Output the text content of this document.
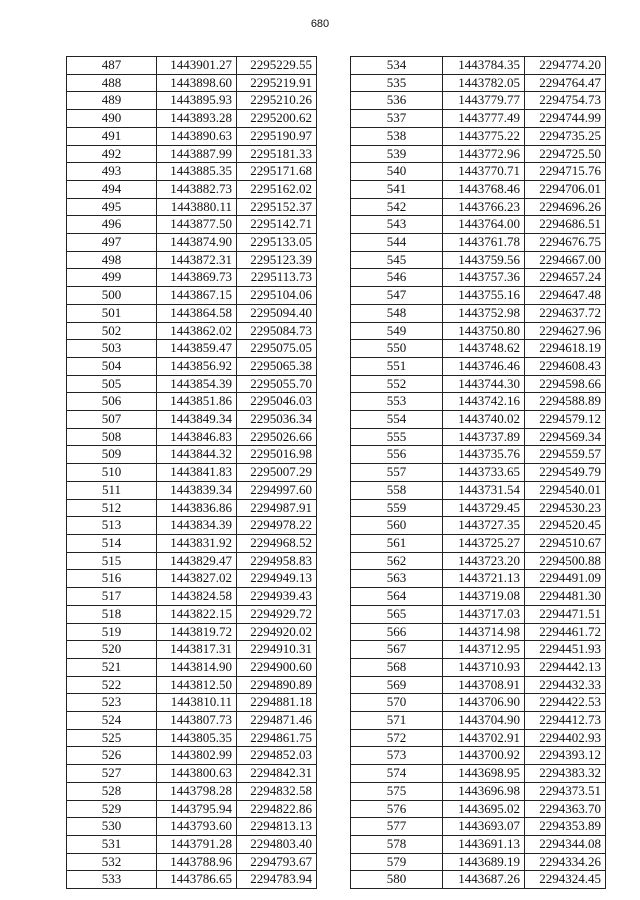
680
487	1443901.27	2295229.55
488	1443898.60	2295219.91
489	1443895.93	2295210.26
490	1443893.28	2295200.62
491	1443890.63	2295190.97
492	1443887.99	2295181.33
493	1443885.35	2295171.68
494	1443882.73	2295162.02
495	1443880.11	2295152.37
496	1443877.50	2295142.71
497	1443874.90	2295133.05
498	1443872.31	2295123.39
499	1443869.73	2295113.73
500	1443867.15	2295104.06
501	1443864.58	2295094.40
502	1443862.02	2295084.73
503	1443859.47	2295075.05
504	1443856.92	2295065.38
505	1443854.39	2295055.70
506	1443851.86	2295046.03
507	1443849.34	2295036.34
508	1443846.83	2295026.66
509	1443844.32	2295016.98
510	1443841.83	2295007.29
511	1443839.34	2294997.60
512	1443836.86	2294987.91
513	1443834.39	2294978.22
514	1443831.92	2294968.52
515	1443829.47	2294958.83
516	1443827.02	2294949.13
517	1443824.58	2294939.43
518	1443822.15	2294929.72
519	1443819.72	2294920.02
520	1443817.31	2294910.31
521	1443814.90	2294900.60
522	1443812.50	2294890.89
523	1443810.11	2294881.18
524	1443807.73	2294871.46
525	1443805.35	2294861.75
526	1443802.99	2294852.03
527	1443800.63	2294842.31
528	1443798.28	2294832.58
529	1443795.94	2294822.86
530	1443793.60	2294813.13
531	1443791.28	2294803.40
532	1443788.96	2294793.67
533	1443786.65	2294783.94
534	1443784.35	2294774.20
535	1443782.05	2294764.47
536	1443779.77	2294754.73
537	1443777.49	2294744.99
538	1443775.22	2294735.25
539	1443772.96	2294725.50
540	1443770.71	2294715.76
541	1443768.46	2294706.01
542	1443766.23	2294696.26
543	1443764.00	2294686.51
544	1443761.78	2294676.75
545	1443759.56	2294667.00
546	1443757.36	2294657.24
547	1443755.16	2294647.48
548	1443752.98	2294637.72
549	1443750.80	2294627.96
550	1443748.62	2294618.19
551	1443746.46	2294608.43
552	1443744.30	2294598.66
553	1443742.16	2294588.89
554	1443740.02	2294579.12
555	1443737.89	2294569.34
556	1443735.76	2294559.57
557	1443733.65	2294549.79
558	1443731.54	2294540.01
559	1443729.45	2294530.23
560	1443727.35	2294520.45
561	1443725.27	2294510.67
562	1443723.20	2294500.88
563	1443721.13	2294491.09
564	1443719.08	2294481.30
565	1443717.03	2294471.51
566	1443714.98	2294461.72
567	1443712.95	2294451.93
568	1443710.93	2294442.13
569	1443708.91	2294432.33
570	1443706.90	2294422.53
571	1443704.90	2294412.73
572	1443702.91	2294402.93
573	1443700.92	2294393.12
574	1443698.95	2294383.32
575	1443696.98	2294373.51
576	1443695.02	2294363.70
577	1443693.07	2294353.89
578	1443691.13	2294344.08
579	1443689.19	2294334.26
580	1443687.26	2294324.45
